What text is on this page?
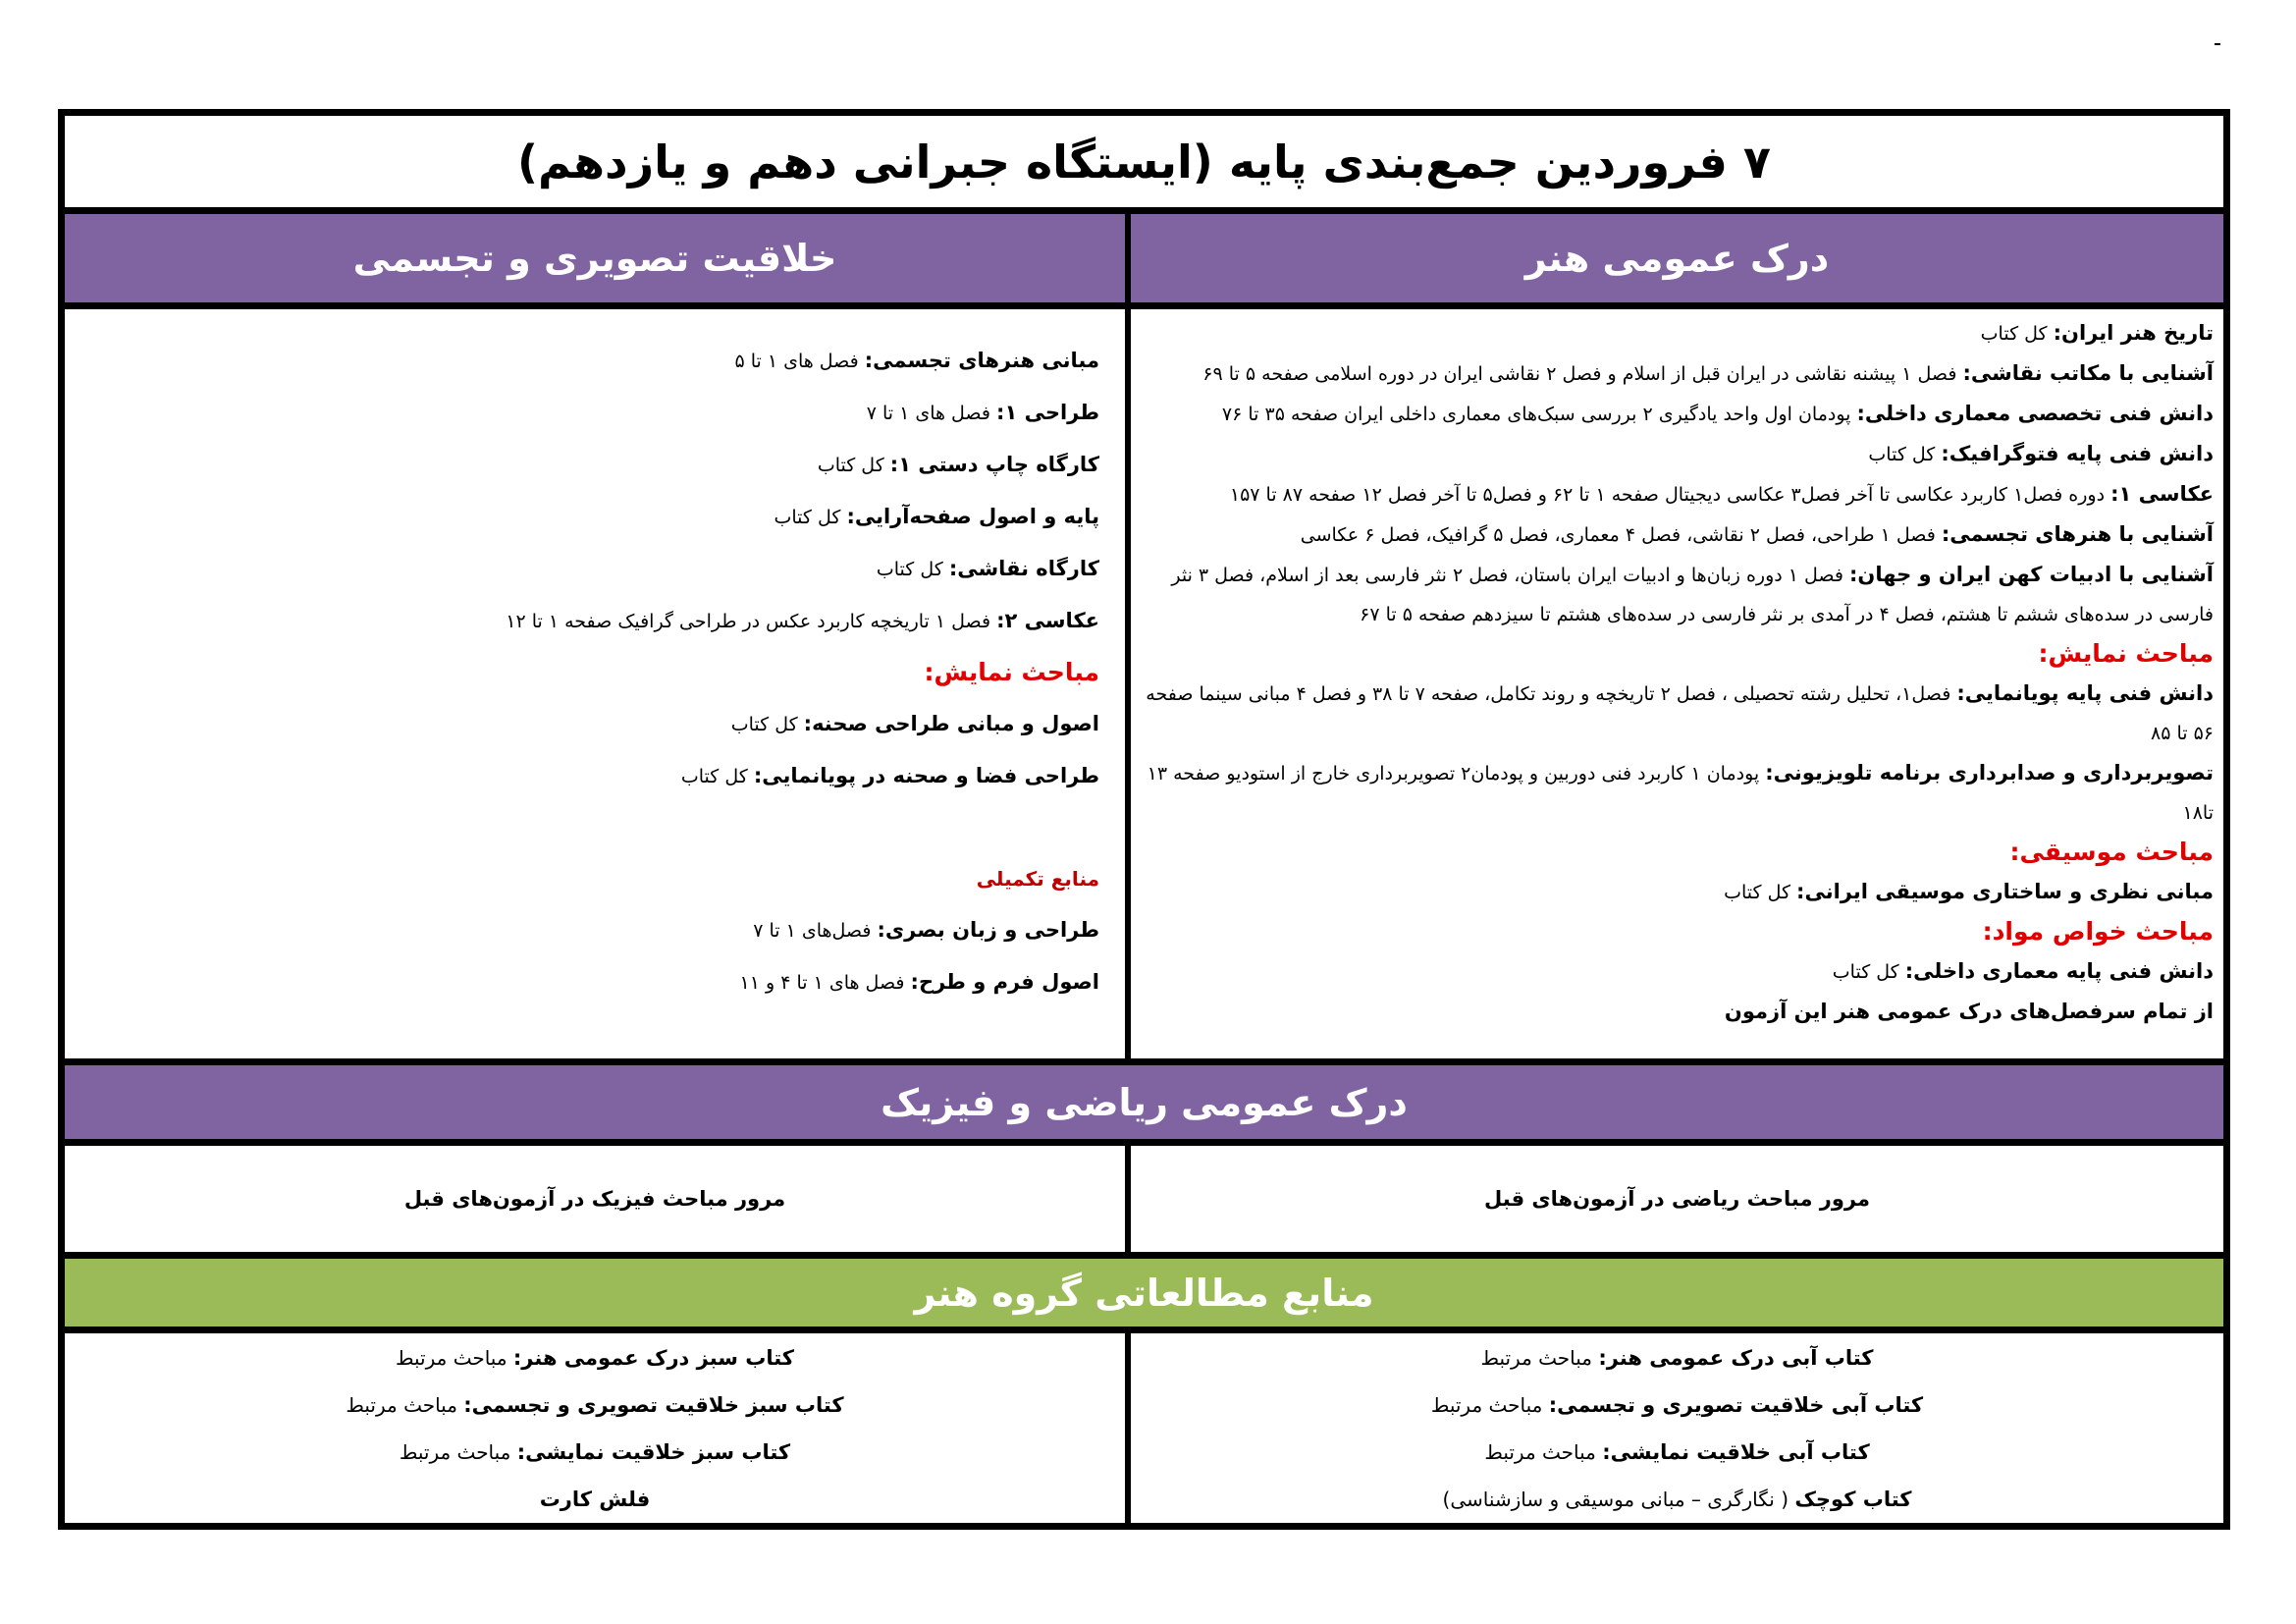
۷ فروردین جمع‌بندی پایه (ایستگاه جبرانی دهم و یازدهم)
درک عمومی هنر
خلاقیت تصویری و تجسمی
تاریخ هنر ایران: کل کتاب
آشنایی با مکاتب نقاشی: فصل ۱ پیشنه نقاشی در ایران قبل از اسلام و فصل ۲ نقاشی ایران در دوره اسلامی صفحه ۵ تا ۶۹
دانش فنی تخصصی معماری داخلی: پودمان اول واحد یادگیری ۲ بررسی سبک‌های معماری داخلی ایران صفحه ۳۵ تا ۷۶
دانش فنی پایه فتوگرافیک: کل کتاب
عکاسی ۱: دوره فصل۱ کاربرد عکاسی تا آخر فصل۳ عکاسی دیجیتال صفحه ۱ تا ۶۲ و فصل۵ تا آخر فصل ۱۲ صفحه ۸۷ تا ۱۵۷
آشنایی با هنرهای تجسمی: فصل ۱ طراحی، فصل ۲ نقاشی، فصل ۴ معماری، فصل ۵ گرافیک، فصل ۶ عکاسی
آشنایی با ادبیات کهن ایران و جهان: فصل ۱ دوره زبان‌ها و ادبیات ایران باستان، فصل ۲ نثر فارسی بعد از اسلام، فصل ۳ نثر فارسی در سده‌های ششم تا هشتم، فصل ۴ در آمدی بر نثر فارسی در سده‌های هشتم تا سیزدهم صفحه ۵ تا ۶۷
مباحث نمایش:
دانش فنی پایه پویانمایی: فصل۱، تحلیل رشته تحصیلی ، فصل ۲ تاریخچه و روند تکامل، صفحه ۷ تا ۳۸ و فصل ۴ مبانی سینما صفحه ۵۶ تا ۸۵
تصویربرداری و صدابرداری برنامه تلویزیونی: پودمان ۱ کاربرد فنی دوربین و پودمان۲ تصویربرداری خارج از استودیو صفحه ۱۳ تا۱۸
مباحث موسیقی:
مبانی نظری و ساختاری موسیقی ایرانی: کل کتاب
مباحث خواص مواد:
دانش فنی پایه معماری داخلی: کل کتاب
از تمام سرفصل‌های درک عمومی هنر این آزمون
مبانی هنرهای تجسمی: فصل های ۱ تا ۵
طراحی ۱: فصل های ۱ تا ۷
کارگاه چاپ دستی ۱: کل کتاب
پایه و اصول صفحه‌آرایی: کل کتاب
کارگاه نقاشی: کل کتاب
عکاسی ۲: فصل ۱ تاریخچه کاربرد عکس در طراحی گرافیک صفحه ۱ تا ۱۲
مباحث نمایش:
اصول و مبانی طراحی صحنه: کل کتاب
طراحی فضا و صحنه در پویانمایی: کل کتاب

منابع تکمیلی
طراحی و زبان بصری: فصل‌های ۱ تا ۷
اصول فرم و طرح: فصل های ۱ تا ۴ و ۱۱
درک عمومی ریاضی و فیزیک
مرور مباحث ریاضی در آزمون‌های قبل
مرور مباحث فیزیک در آزمون‌های قبل
منابع مطالعاتی گروه هنر
کتاب آبی درک عمومی هنر: مباحث مرتبط
کتاب آبی خلاقیت تصویری و تجسمی: مباحث مرتبط
کتاب آبی خلاقیت نمایشی: مباحث مرتبط
کتاب کوچک ( نگارگری – مبانی موسیقی و سازشناسی)
کتاب سبز درک عمومی هنر: مباحث مرتبط
کتاب سبز خلاقیت تصویری و تجسمی: مباحث مرتبط
کتاب سبز خلاقیت نمایشی: مباحث مرتبط
فلش کارت
